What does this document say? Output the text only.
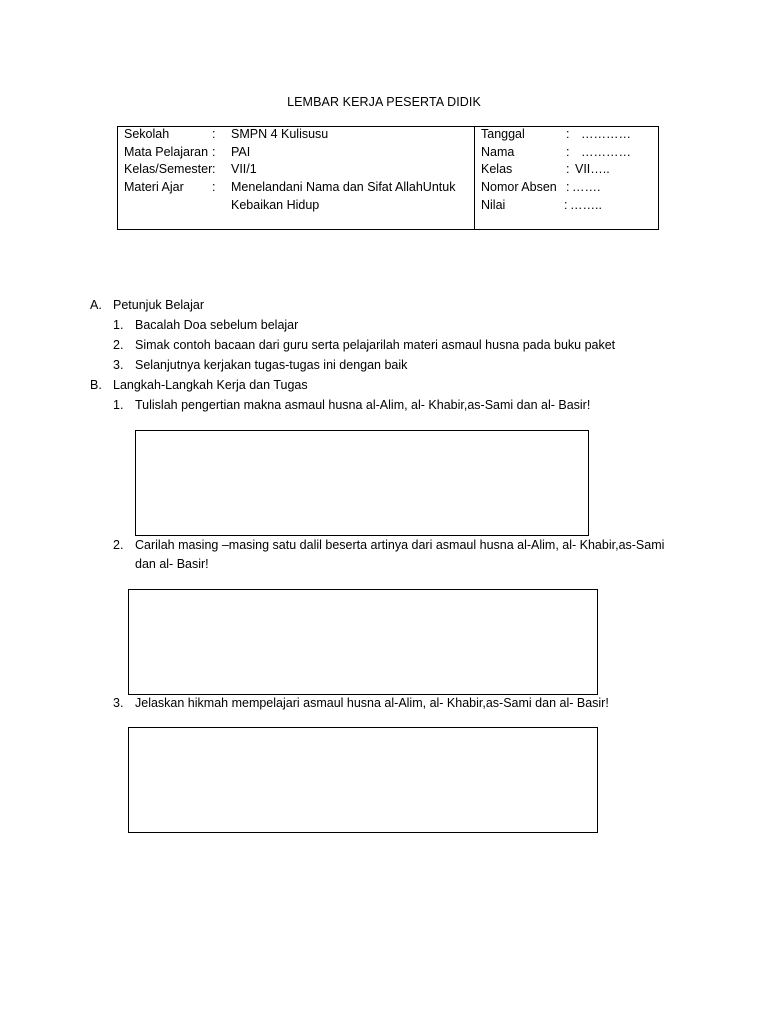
LEMBAR KERJA PESERTA DIDIK
Sekolah	: SMPN 4 Kulisusu
Mata Pelajaran : PAI
Kelas/Semester : VII/1
Materi Ajar : Menelandani Nama dan Sifat AllahUntuk
Kebaikan Hidup
Tanggal	: …………
Nama	: …………
Kelas	: VII…..
Nomor Absen : …….
Nilai	: ……..
A. Petunjuk Belajar
1. Bacalah Doa sebelum belajar
2. Simak contoh bacaan dari guru serta pelajarilah materi asmaul husna pada buku paket
3. Selanjutnya kerjakan tugas-tugas ini dengan baik
B. Langkah-Langkah Kerja dan Tugas
1. Tulislah pengertian makna asmaul husna al-Alim, al- Khabir,as-Sami dan al- Basir!
2. Carilah masing –masing satu dalil beserta artinya dari asmaul husna al-Alim, al- Khabir,as-Sami
dan al- Basir!
3. Jelaskan hikmah mempelajari asmaul husna al-Alim, al- Khabir,as-Sami dan al- Basir!
